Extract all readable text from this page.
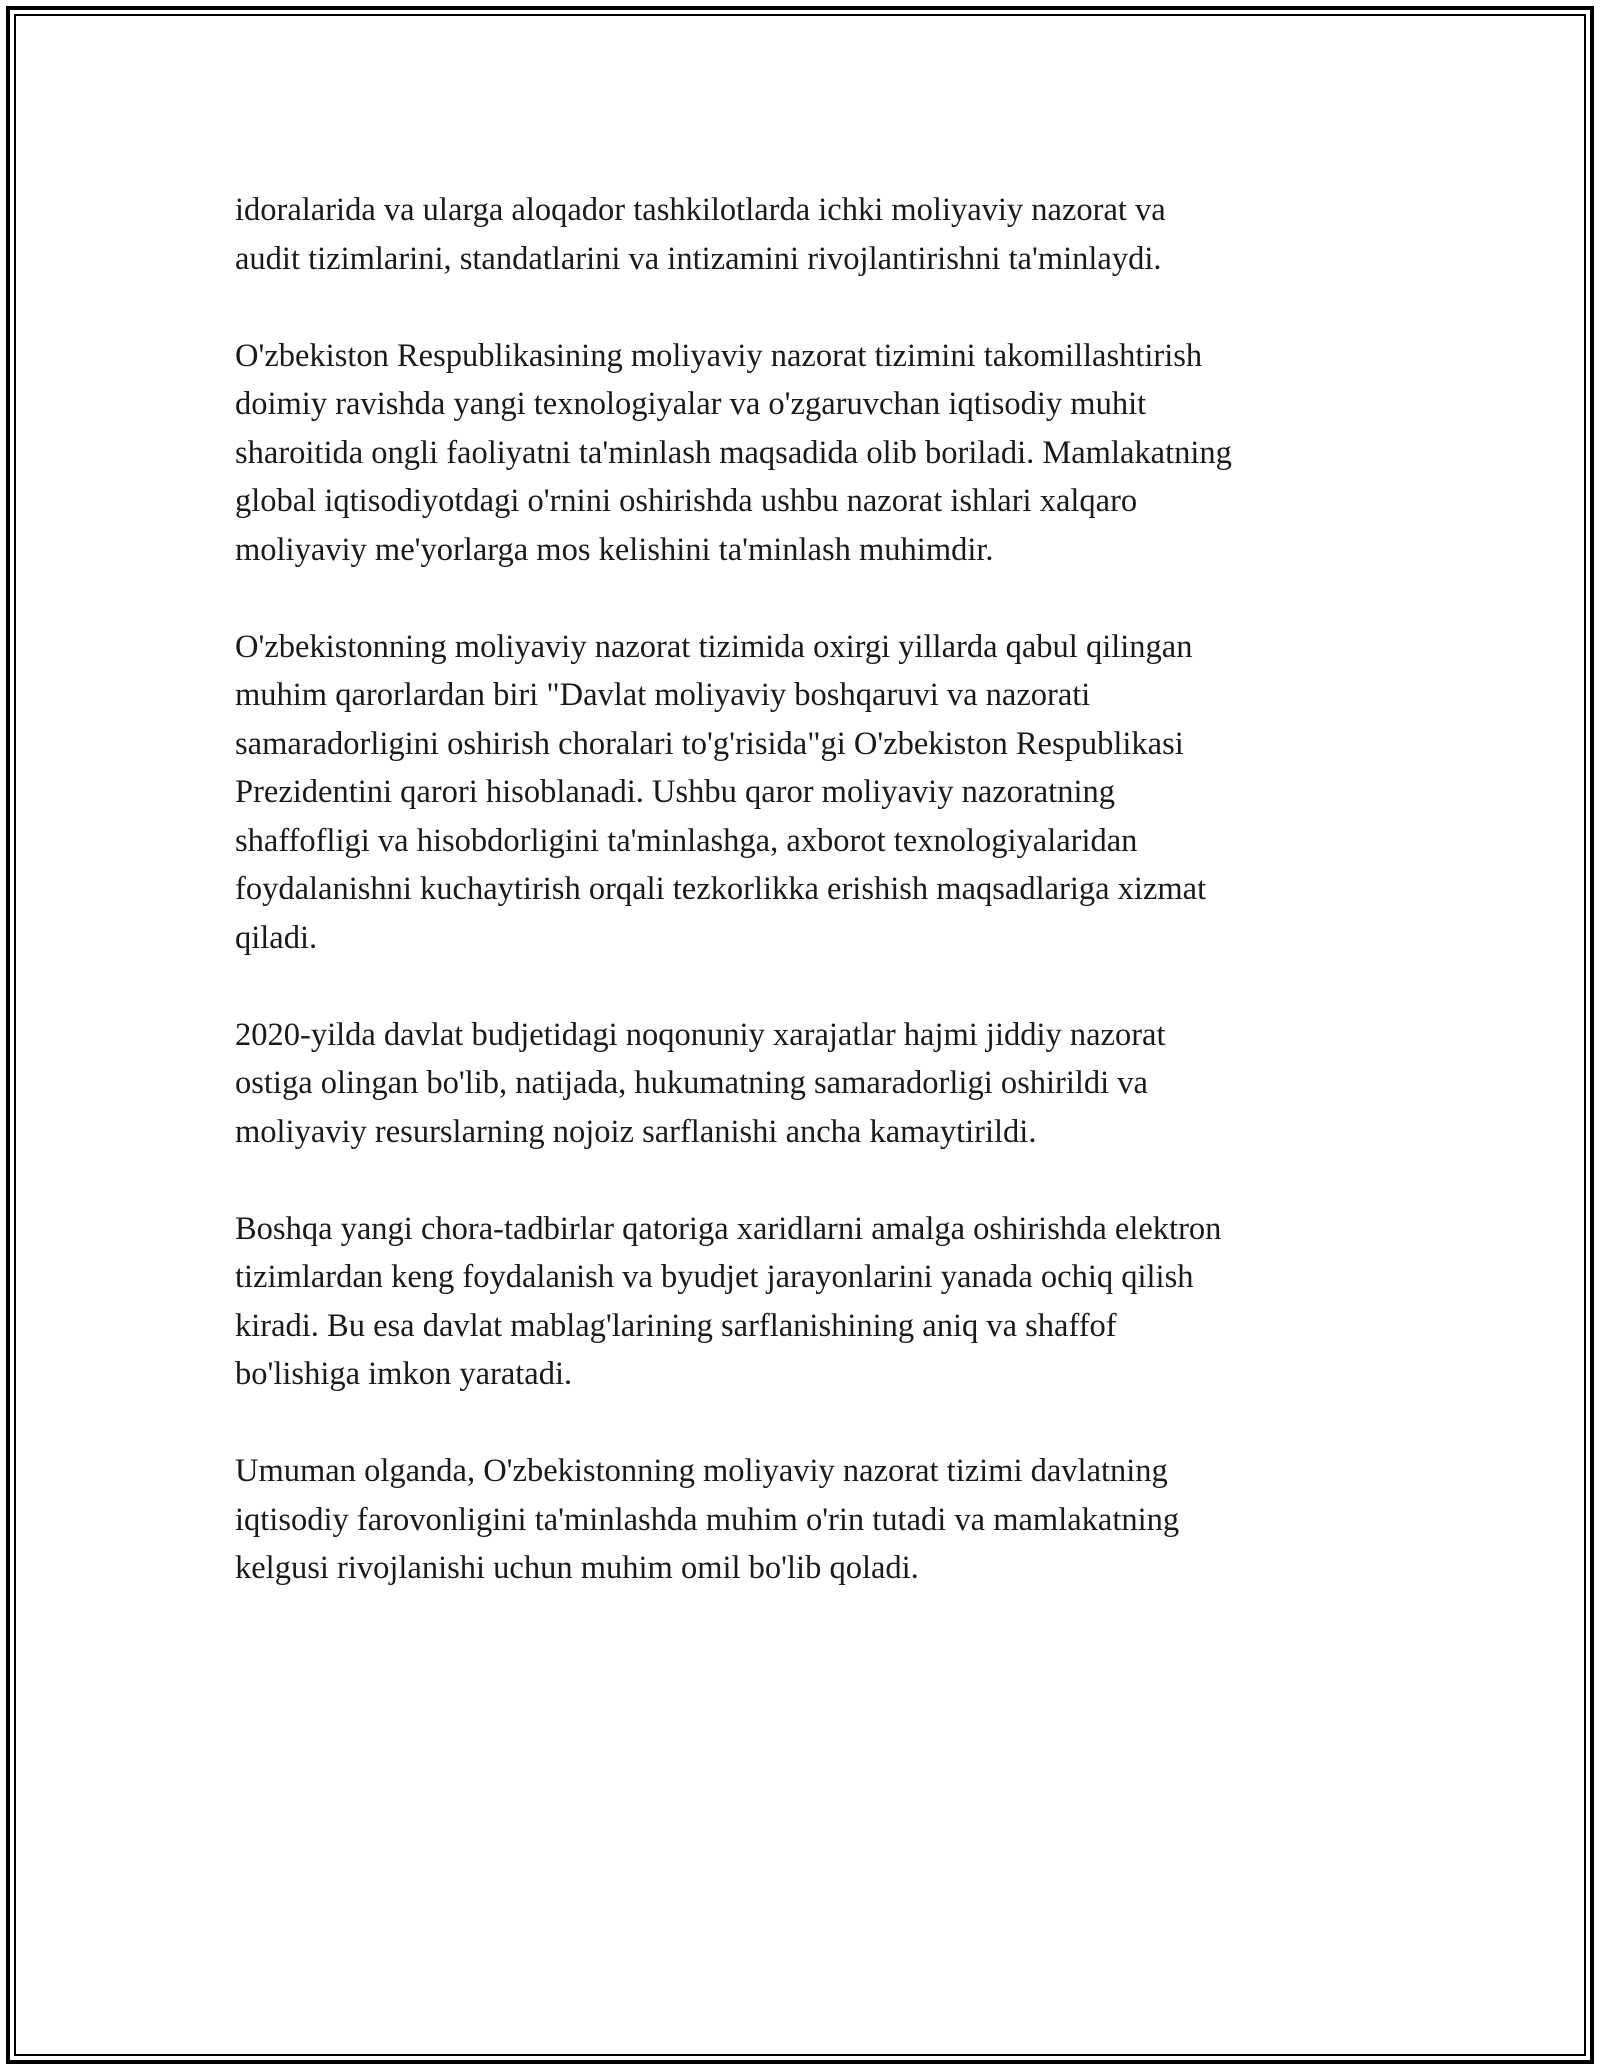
idoralarida va ularga aloqador tashkilotlarda ichki moliyaviy nazorat va
audit tizimlarini, standatlarini va intizamini rivojlantirishni ta'minlaydi.

O'zbekiston Respublikasining moliyaviy nazorat tizimini takomillashtirish
doimiy ravishda yangi texnologiyalar va o'zgaruvchan iqtisodiy muhit
sharoitida ongli faoliyatni ta'minlash maqsadida olib boriladi. Mamlakatning
global iqtisodiyotdagi o'rnini oshirishda ushbu nazorat ishlari xalqaro
moliyaviy me'yorlarga mos kelishini ta'minlash muhimdir.

O'zbekistonning moliyaviy nazorat tizimida oxirgi yillarda qabul qilingan
muhim qarorlardan biri "Davlat moliyaviy boshqaruvi va nazorati
samaradorligini oshirish choralari to'g'risida"gi O'zbekiston Respublikasi
Prezidentini qarori hisoblanadi. Ushbu qaror moliyaviy nazoratning
shaffofligi va hisobdorligini ta'minlashga, axborot texnologiyalaridan
foydalanishni kuchaytirish orqali tezkorlikka erishish maqsadlariga xizmat
qiladi.

2020-yilda davlat budjetidagi noqonuniy xarajatlar hajmi jiddiy nazorat
ostiga olingan bo'lib, natijada, hukumatning samaradorligi oshirildi va
moliyaviy resurslarning nojoiz sarflanishi ancha kamaytirildi.

Boshqa yangi chora-tadbirlar qatoriga xaridlarni amalga oshirishda elektron
tizimlardan keng foydalanish va byudjet jarayonlarini yanada ochiq qilish
kiradi. Bu esa davlat mablag'larining sarflanishining aniq va shaffof
bo'lishiga imkon yaratadi.

Umuman olganda, O'zbekistonning moliyaviy nazorat tizimi davlatning
iqtisodiy farovonligini ta'minlashda muhim o'rin tutadi va mamlakatning
kelgusi rivojlanishi uchun muhim omil bo'lib qoladi.
